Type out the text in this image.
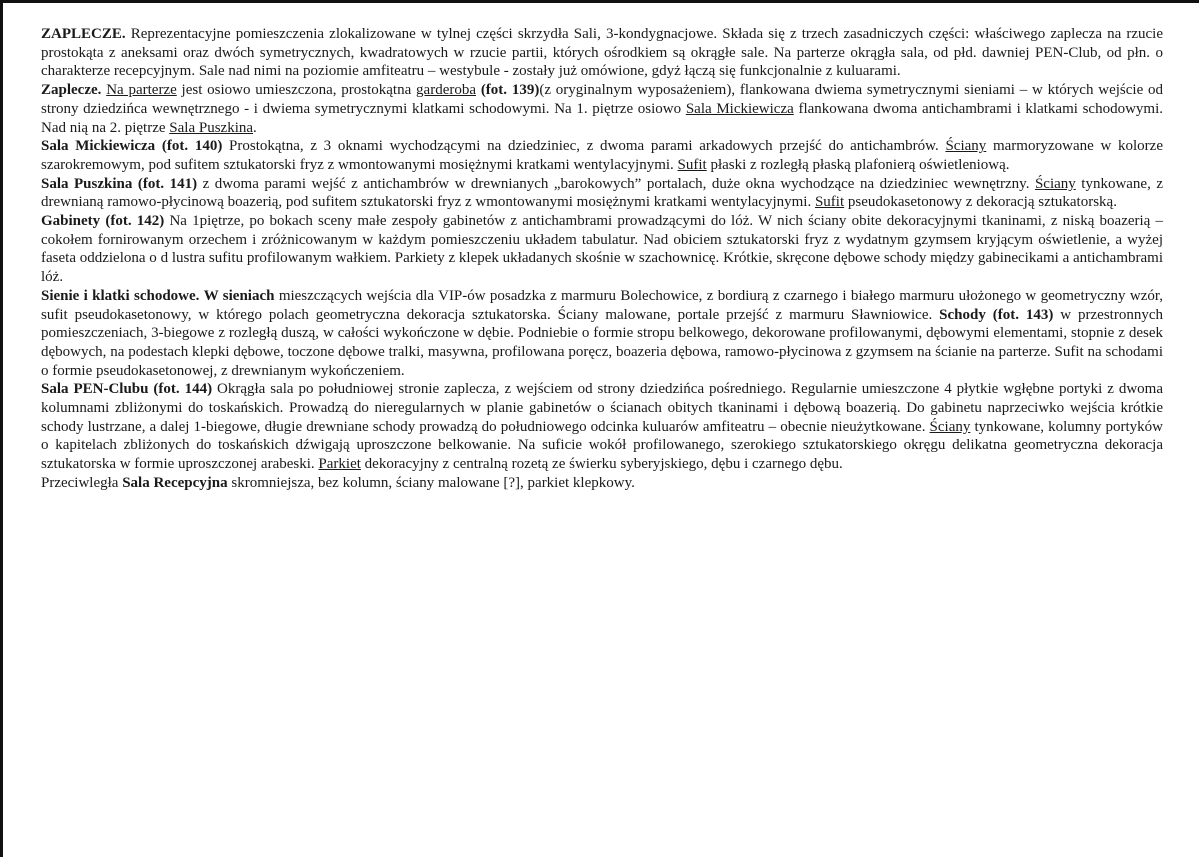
ZAPLECZE. Reprezentacyjne pomieszczenia zlokalizowane w tylnej części skrzydła Sali, 3-kondygnacjowe. Składa się z trzech zasadniczych części: właściwego zaplecza na rzucie prostokąta z aneksami oraz dwóch symetrycznych, kwadratowych w rzucie partii, których ośrodkiem są okrągłe sale. Na parterze okrągła sala, od płd. dawniej PEN-Club, od płn. o charakterze recepcyjnym. Sale nad nimi na poziomie amfiteatru – westybule - zostały już omówione, gdyż łączą się funkcjonalnie z kuluarami.

Zaplecze. Na parterze jest osiowo umieszczona, prostokątna garderoba (fot. 139)(z oryginalnym wyposażeniem), flankowana dwiema symetrycznymi sieniami – w których wejście od strony dziedzińca wewnętrznego - i dwiema symetrycznymi klatkami schodowymi. Na 1. piętrze osiowo Sala Mickiewicza flankowana dwoma antichambrami i klatkami schodowymi. Nad nią na 2. piętrze Sala Puszkina.

Sala Mickiewicza (fot. 140) Prostokątna, z 3 oknami wychodzącymi na dziedziniec, z dwoma parami arkadowych przejść do antichambrów. Ściany marmoryzowane w kolorze szarokremowym, pod sufitem sztukatorski fryz z wmontowanymi mosiężnymi kratkami wentylacyjnymi. Sufit płaski z rozległą płaską plafonierą oświetleniową.

Sala Puszkina (fot. 141) z dwoma parami wejść z antichambrów w drewnianych „barokowych” portalach, duże okna wychodzące na dziedziniec wewnętrzny. Ściany tynkowane, z drewnianą ramowo-płycinową boazerią, pod sufitem sztukatorski fryz z wmontowanymi mosiężnymi kratkami wentylacyjnymi. Sufit pseudokasetonowy z dekoracją sztukatorską.

Gabinety (fot. 142) Na 1piętrze, po bokach sceny małe zespoły gabinetów z antichambrami prowadzącymi do lóż. W nich ściany obite dekoracyjnymi tkaninami, z niską boazerią – cokołem fornirowanym orzechem i zróżnicowanym w każdym pomieszczeniu układem tabulatur. Nad obiciem sztukatorski fryz z wydatnym gzymsem kryjącym oświetlenie, a wyżej faseta oddzielona o d lustra sufitu profilowanym wałkiem. Parkiety z klepek układanych skośnie w szachownicę. Krótkie, skręcone dębowe schody między gabinecikami a antichambrami lóż.

Sienie i klatki schodowe. W sieniach mieszczących wejścia dla VIP-ów posadzka z marmuru Bolechowice, z bordiurą z czarnego i białego marmuru ułożonego w geometryczny wzór, sufit pseudokasetonowy, w którego polach geometryczna dekoracja sztukatorska. Ściany malowane, portale przejść z marmuru Sławniowice. Schody (fot. 143) w przestronnych pomieszczeniach, 3-biegowe z rozległą duszą, w całości wykończone w dębie. Podniebie o formie stropu belkowego, dekorowane profilowanymi, dębowymi elementami, stopnie z desek dębowych, na podestach klepki dębowe, toczone dębowe tralki, masywna, profilowana poręcz, boazeria dębowa, ramowo-płycinowa z gzymsem na ścianie na parterze. Sufit na schodami o formie pseudokasetonowej, z drewnianym wykończeniem.

Sala PEN-Clubu (fot. 144) Okrągła sala po południowej stronie zaplecza, z wejściem od strony dziedzińca pośredniego. Regularnie umieszczone 4 płytkie wgłębne portyki z dwoma kolumnami zbliżonymi do toskańskich. Prowadzą do nieregularnych w planie gabinetów o ścianach obitych tkaninami i dębową boazerią. Do gabinetu naprzeciwko wejścia krótkie schody lustrzane, a dalej 1-biegowe, długie drewniane schody prowadzą do południowego odcinka kuluarów amfiteatru – obecnie nieużytkowane. Ściany tynkowane, kolumny portyków o kapitelach zbliżonych do toskańskich dźwigają uproszczone belkowanie. Na suficie wokół profilowanego, szerokiego sztukatorskiego okręgu delikatna geometryczna dekoracja sztukatorska w formie uproszczonej arabeski. Parkiet dekoracyjny z centralną rozetą ze świerku syberyjskiego, dębu i czarnego dębu.

Przeciwległa Sala Recepcyjna skromniejsza, bez kolumn, ściany malowane [?], parkiet klepkowy.
